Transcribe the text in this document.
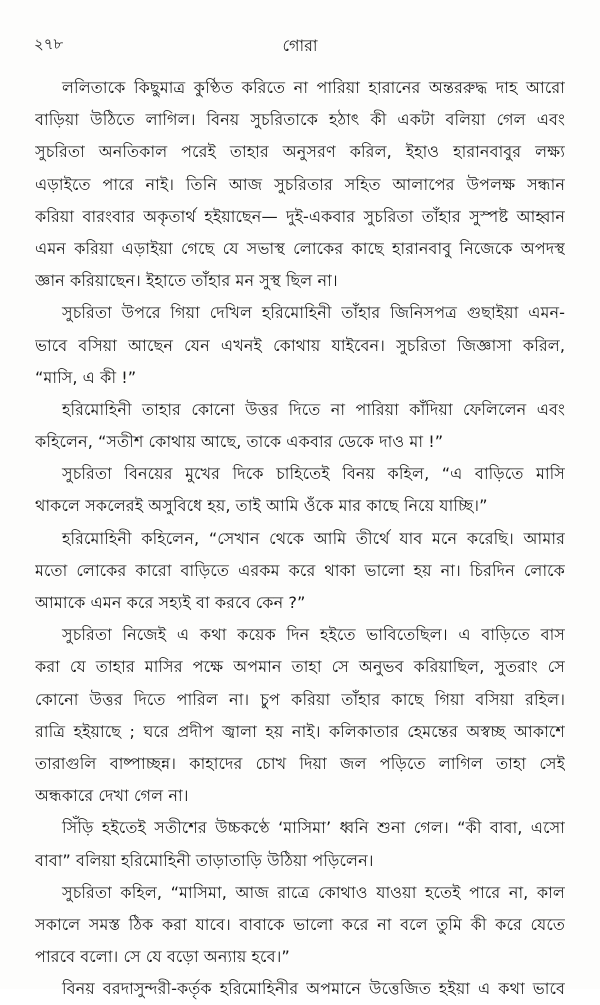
২৭৮	গোরা
ললিতাকে কিছুমাত্র কুণ্ঠিত করিতে না পারিয়া হারানের অন্তররুদ্ধ দাহ আরো
বাড়িয়া উঠিতে লাগিল। বিনয় সুচরিতাকে হঠাৎ কী একটা বলিয়া গেল এবং
সুচরিতা অনতিকাল পরেই তাহার অনুসরণ করিল, ইহাও হারানবাবুর লক্ষ্য
এড়াইতে পারে নাই। তিনি আজ সুচরিতার সহিত আলাপের উপলক্ষ সন্ধান
করিয়া বারংবার অকৃতার্থ হইয়াছেন— দুই-একবার সুচরিতা তাঁহার সুস্পষ্ট আহ্বান
এমন করিয়া এড়াইয়া গেছে যে সভাস্থ লোকের কাছে হারানবাবু নিজেকে অপদস্থ
জ্ঞান করিয়াছেন। ইহাতে তাঁহার মন সুস্থ ছিল না।
সুচরিতা উপরে গিয়া দেখিল হরিমোহিনী তাঁহার জিনিসপত্র গুছাইয়া এমন-
ভাবে বসিয়া আছেন যেন এখনই কোথায় যাইবেন। সুচরিতা জিজ্ঞাসা করিল,
“মাসি, এ কী !”
হরিমোহিনী তাহার কোনো উত্তর দিতে না পারিয়া কাঁদিয়া ফেলিলেন এবং
কহিলেন, “সতীশ কোথায় আছে, তাকে একবার ডেকে দাও মা !”
সুচরিতা বিনয়ের মুখের দিকে চাহিতেই বিনয় কহিল, “এ বাড়িতে মাসি
থাকলে সকলেরই অসুবিধে হয়, তাই আমি ওঁকে মার কাছে নিয়ে যাচ্ছি।”
হরিমোহিনী কহিলেন, “সেখান থেকে আমি তীর্থে যাব মনে করেছি। আমার
মতো লোকের কারো বাড়িতে এরকম করে থাকা ভালো হয় না। চিরদিন লোকে
আমাকে এমন করে সহ্যই বা করবে কেন ?”
সুচরিতা নিজেই এ কথা কয়েক দিন হইতে ভাবিতেছিল। এ বাড়িতে বাস
করা যে তাহার মাসির পক্ষে অপমান তাহা সে অনুভব করিয়াছিল, সুতরাং সে
কোনো উত্তর দিতে পারিল না। চুপ করিয়া তাঁহার কাছে গিয়া বসিয়া রহিল।
রাত্রি হইয়াছে ; ঘরে প্রদীপ জ্বালা হয় নাই। কলিকাতার হেমন্তের অস্বচ্ছ আকাশে
তারাগুলি বাষ্পাচ্ছন্ন। কাহাদের চোখ দিয়া জল পড়িতে লাগিল তাহা সেই
অন্ধকারে দেখা গেল না।
সিঁড়ি হইতেই সতীশের উচ্চকণ্ঠে ‘মাসিমা’ ধ্বনি শুনা গেল। “কী বাবা, এসো
বাবা” বলিয়া হরিমোহিনী তাড়াতাড়ি উঠিয়া পড়িলেন।
সুচরিতা কহিল, “মাসিমা, আজ রাত্রে কোথাও যাওয়া হতেই পারে না, কাল
সকালে সমস্ত ঠিক করা যাবে। বাবাকে ভালো করে না বলে তুমি কী করে যেতে
পারবে বলো। সে যে বড়ো অন্যায় হবে।”
বিনয় বরদাসুন্দরী-কর্তৃক হরিমোহিনীর অপমানে উত্তেজিত হইয়া এ কথা ভাবে
